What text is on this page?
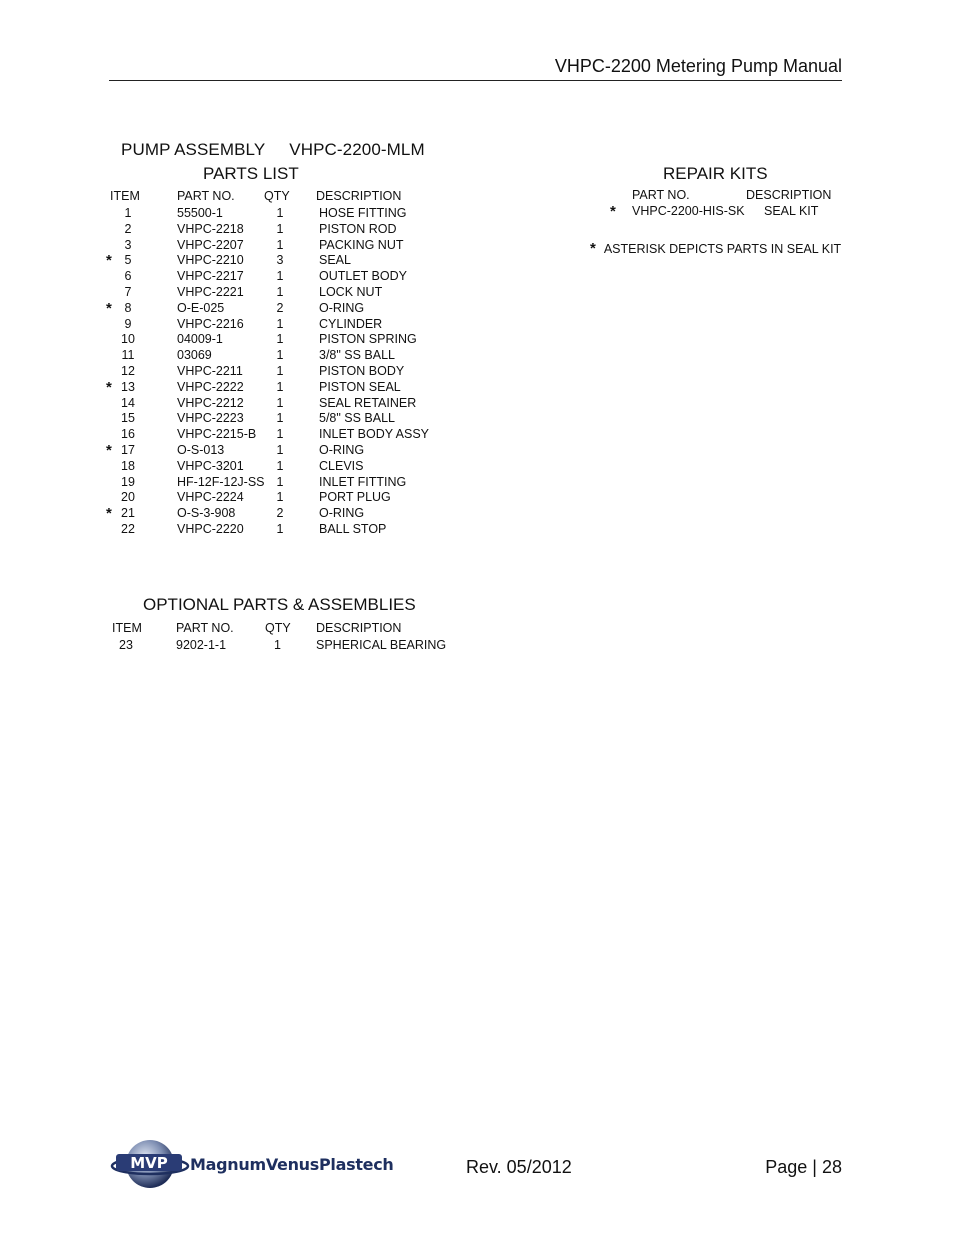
VHPC-2200 Metering Pump Manual
PUMP ASSEMBLY VHPC-2200-MLM
PARTS LIST
ITEM	PART NO. QTY	DESCRIPTION
1	55500-1	1	HOSE FITTING
2	VHPC-2218	1	PISTON ROD
3	VHPC-2207	1	PACKING NUT
*	5	VHPC-2210	3	SEAL
6	VHPC-2217	1	OUTLET BODY
7	VHPC-2221	1	LOCK NUT
*	8	O-E-025	2	O-RING
9	VHPC-2216	1	CYLINDER
10	04009-1	1	PISTON SPRING
11	03069	1	3/8" SS BALL
12	VHPC-2211	1	PISTON BODY
* 13	VHPC-2222	1	PISTON SEAL
14	VHPC-2212	1	SEAL RETAINER
15	VHPC-2223	1	5/8" SS BALL
16	VHPC-2215-B	1	INLET BODY ASSY
* 17	O-S-013	1	O-RING
18	VHPC-3201	1	CLEVIS
19	HF-12F-12J-SS 1	INLET FITTING
20	VHPC-2224	1	PORT PLUG
* 21	O-S-3-908	2	O-RING
22	VHPC-2220	1	BALL STOP
OPTIONAL PARTS & ASSEMBLIES
ITEM	PART NO.	QTY	DESCRIPTION
23	9202-1-1	1	SPHERICAL BEARING
REPAIR KITS
PART NO.	DESCRIPTION
* VHPC-2200-HIS-SK SEAL KIT
* ASTERISK DEPICTS PARTS IN SEAL KIT
MVP MagnumVenusPlastech	Rev. 05/2012	Page | 28
